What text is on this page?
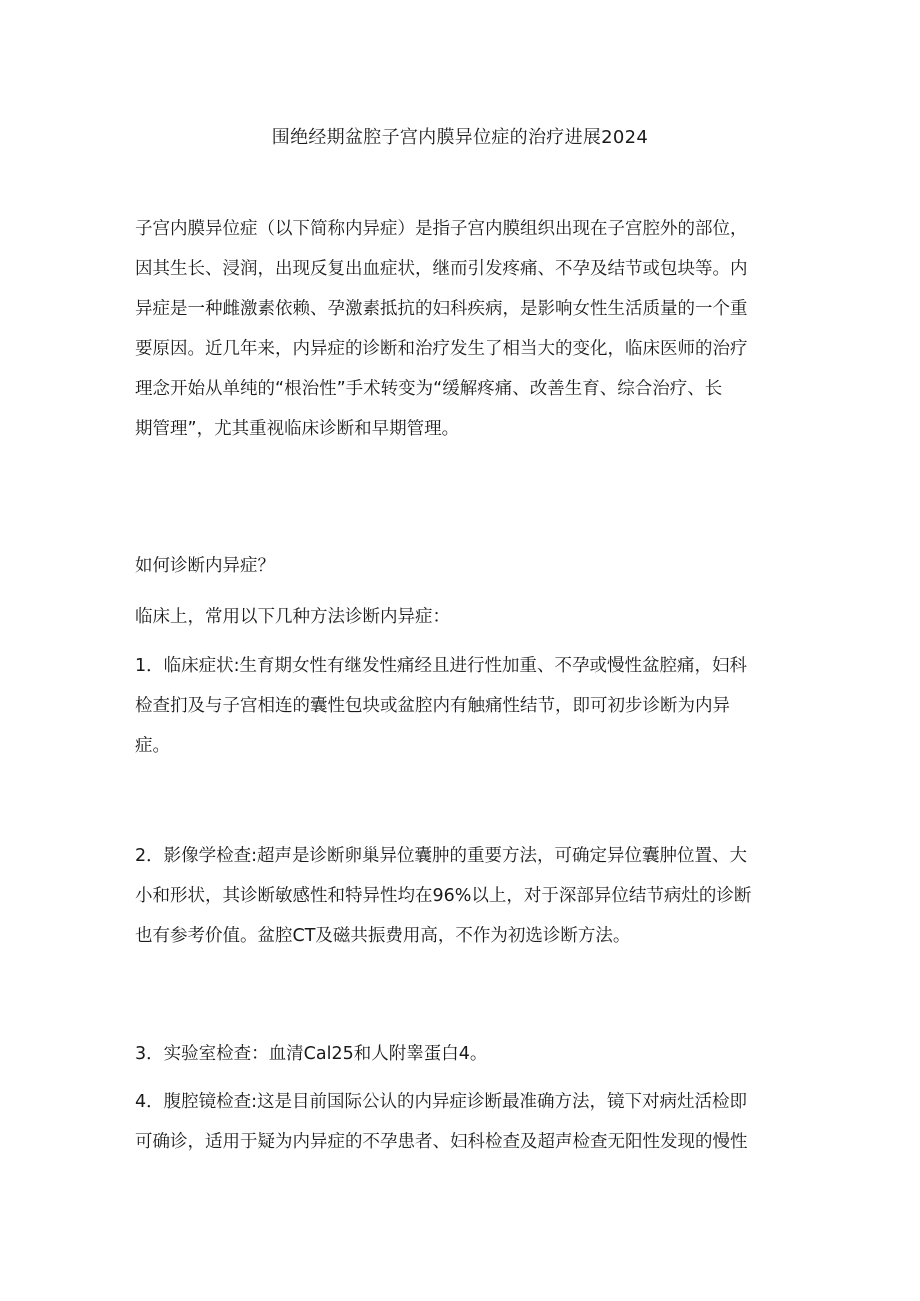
围绝经期盆腔子宫内膜异位症的治疗进展2024
子宫内膜异位症（以下简称内异症）是指子宫内膜组织出现在子宫腔外的部位，
因其生长、浸润，出现反复出血症状，继而引发疼痛、不孕及结节或包块等。内
异症是一种雌激素依赖、孕激素抵抗的妇科疾病，是影响女性生活质量的一个重
要原因。近几年来，内异症的诊断和治疗发生了相当大的变化，临床医师的治疗
理念开始从单纯的“根治性”手术转变为“缓解疼痛、改善生育、综合治疗、长
期管理”，尤其重视临床诊断和早期管理。
如何诊断内异症？
临床上，常用以下几种方法诊断内异症：
1．临床症状:生育期女性有继发性痛经且进行性加重、不孕或慢性盆腔痛，妇科
检查扪及与子宫相连的囊性包块或盆腔内有触痛性结节，即可初步诊断为内异
症。
2．影像学检查:超声是诊断卵巢异位囊肿的重要方法，可确定异位囊肿位置、大
小和形状，其诊断敏感性和特异性均在96%以上，对于深部异位结节病灶的诊断
也有参考价值。盆腔CT及磁共振费用高，不作为初选诊断方法。
3．实验室检查：血清Cal25和人附睾蛋白4。
4．腹腔镜检查:这是目前国际公认的内异症诊断最准确方法，镜下对病灶活检即
可确诊，适用于疑为内异症的不孕患者、妇科检查及超声检查无阳性发现的慢性
